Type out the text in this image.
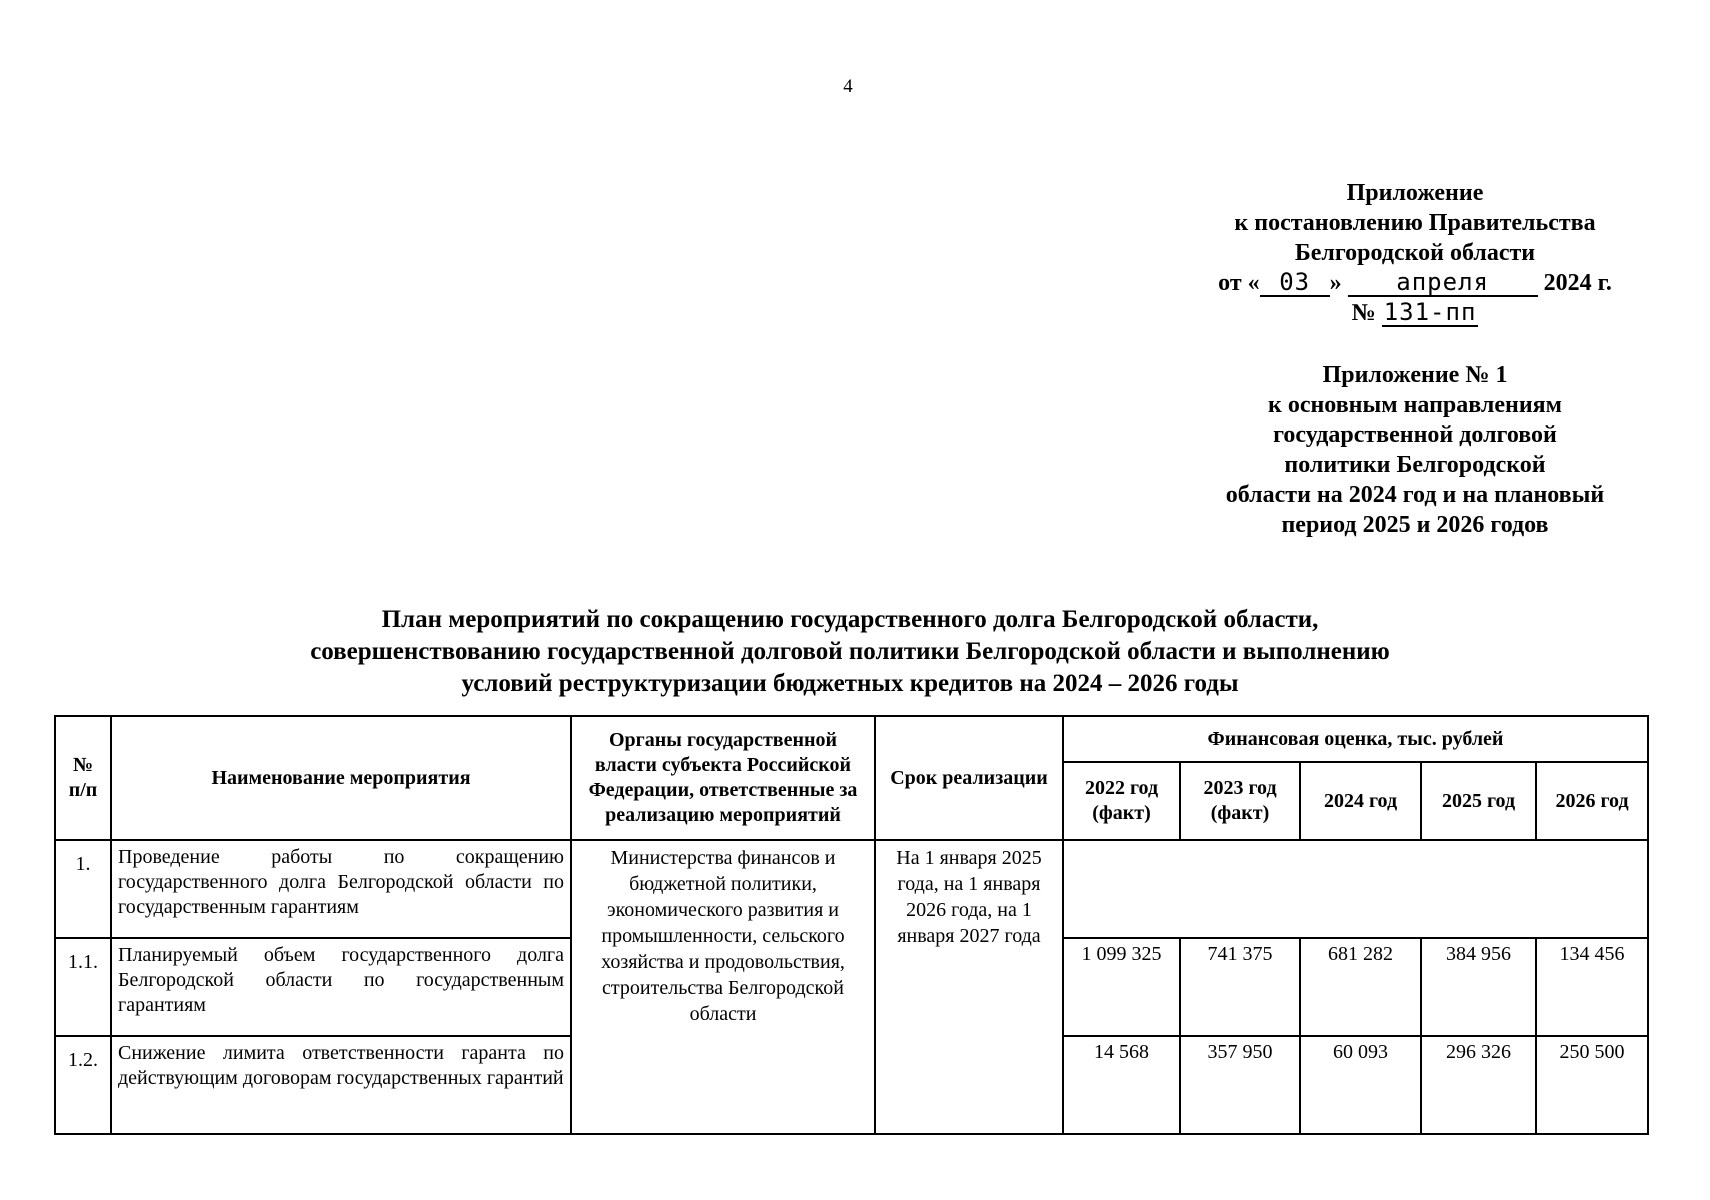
4
Приложение
к постановлению Правительства
Белгородской области
от « 03 » апреля 2024 г.
№ 131-пп
Приложение № 1
к основным направлениям
государственной долговой
политики Белгородской
области на 2024 год и на плановый
период 2025 и 2026 годов
План мероприятий по сокращению государственного долга Белгородской области,
совершенствованию государственной долговой политики Белгородской области и выполнению
условий реструктуризации бюджетных кредитов на 2024 – 2026 годы
№ п/п	Наименование мероприятия	Органы государственной власти субъекта Российской Федерации, ответственные за реализацию мероприятий	Срок реализации	Финансовая оценка, тыс. рублей				
				2022 год (факт)	2023 год (факт)	2024 год	2025 год	2026 год
1.	Проведение работы по сокращению государственного долга Белгородской области по государственным гарантиям	Министерства финансов и бюджетной политики, экономического развития и промышленности, сельского хозяйства и продовольствия, строительства Белгородской области	На 1 января 2025 года, на 1 января 2026 года, на 1 января 2027 года					
1.1.	Планируемый объем государственного долга Белгородской области по государственным гарантиям			1 099 325	741 375	681 282	384 956	134 456
1.2.	Снижение лимита ответственности гаранта по действующим договорам государственных гарантий			14 568	357 950	60 093	296 326	250 500
